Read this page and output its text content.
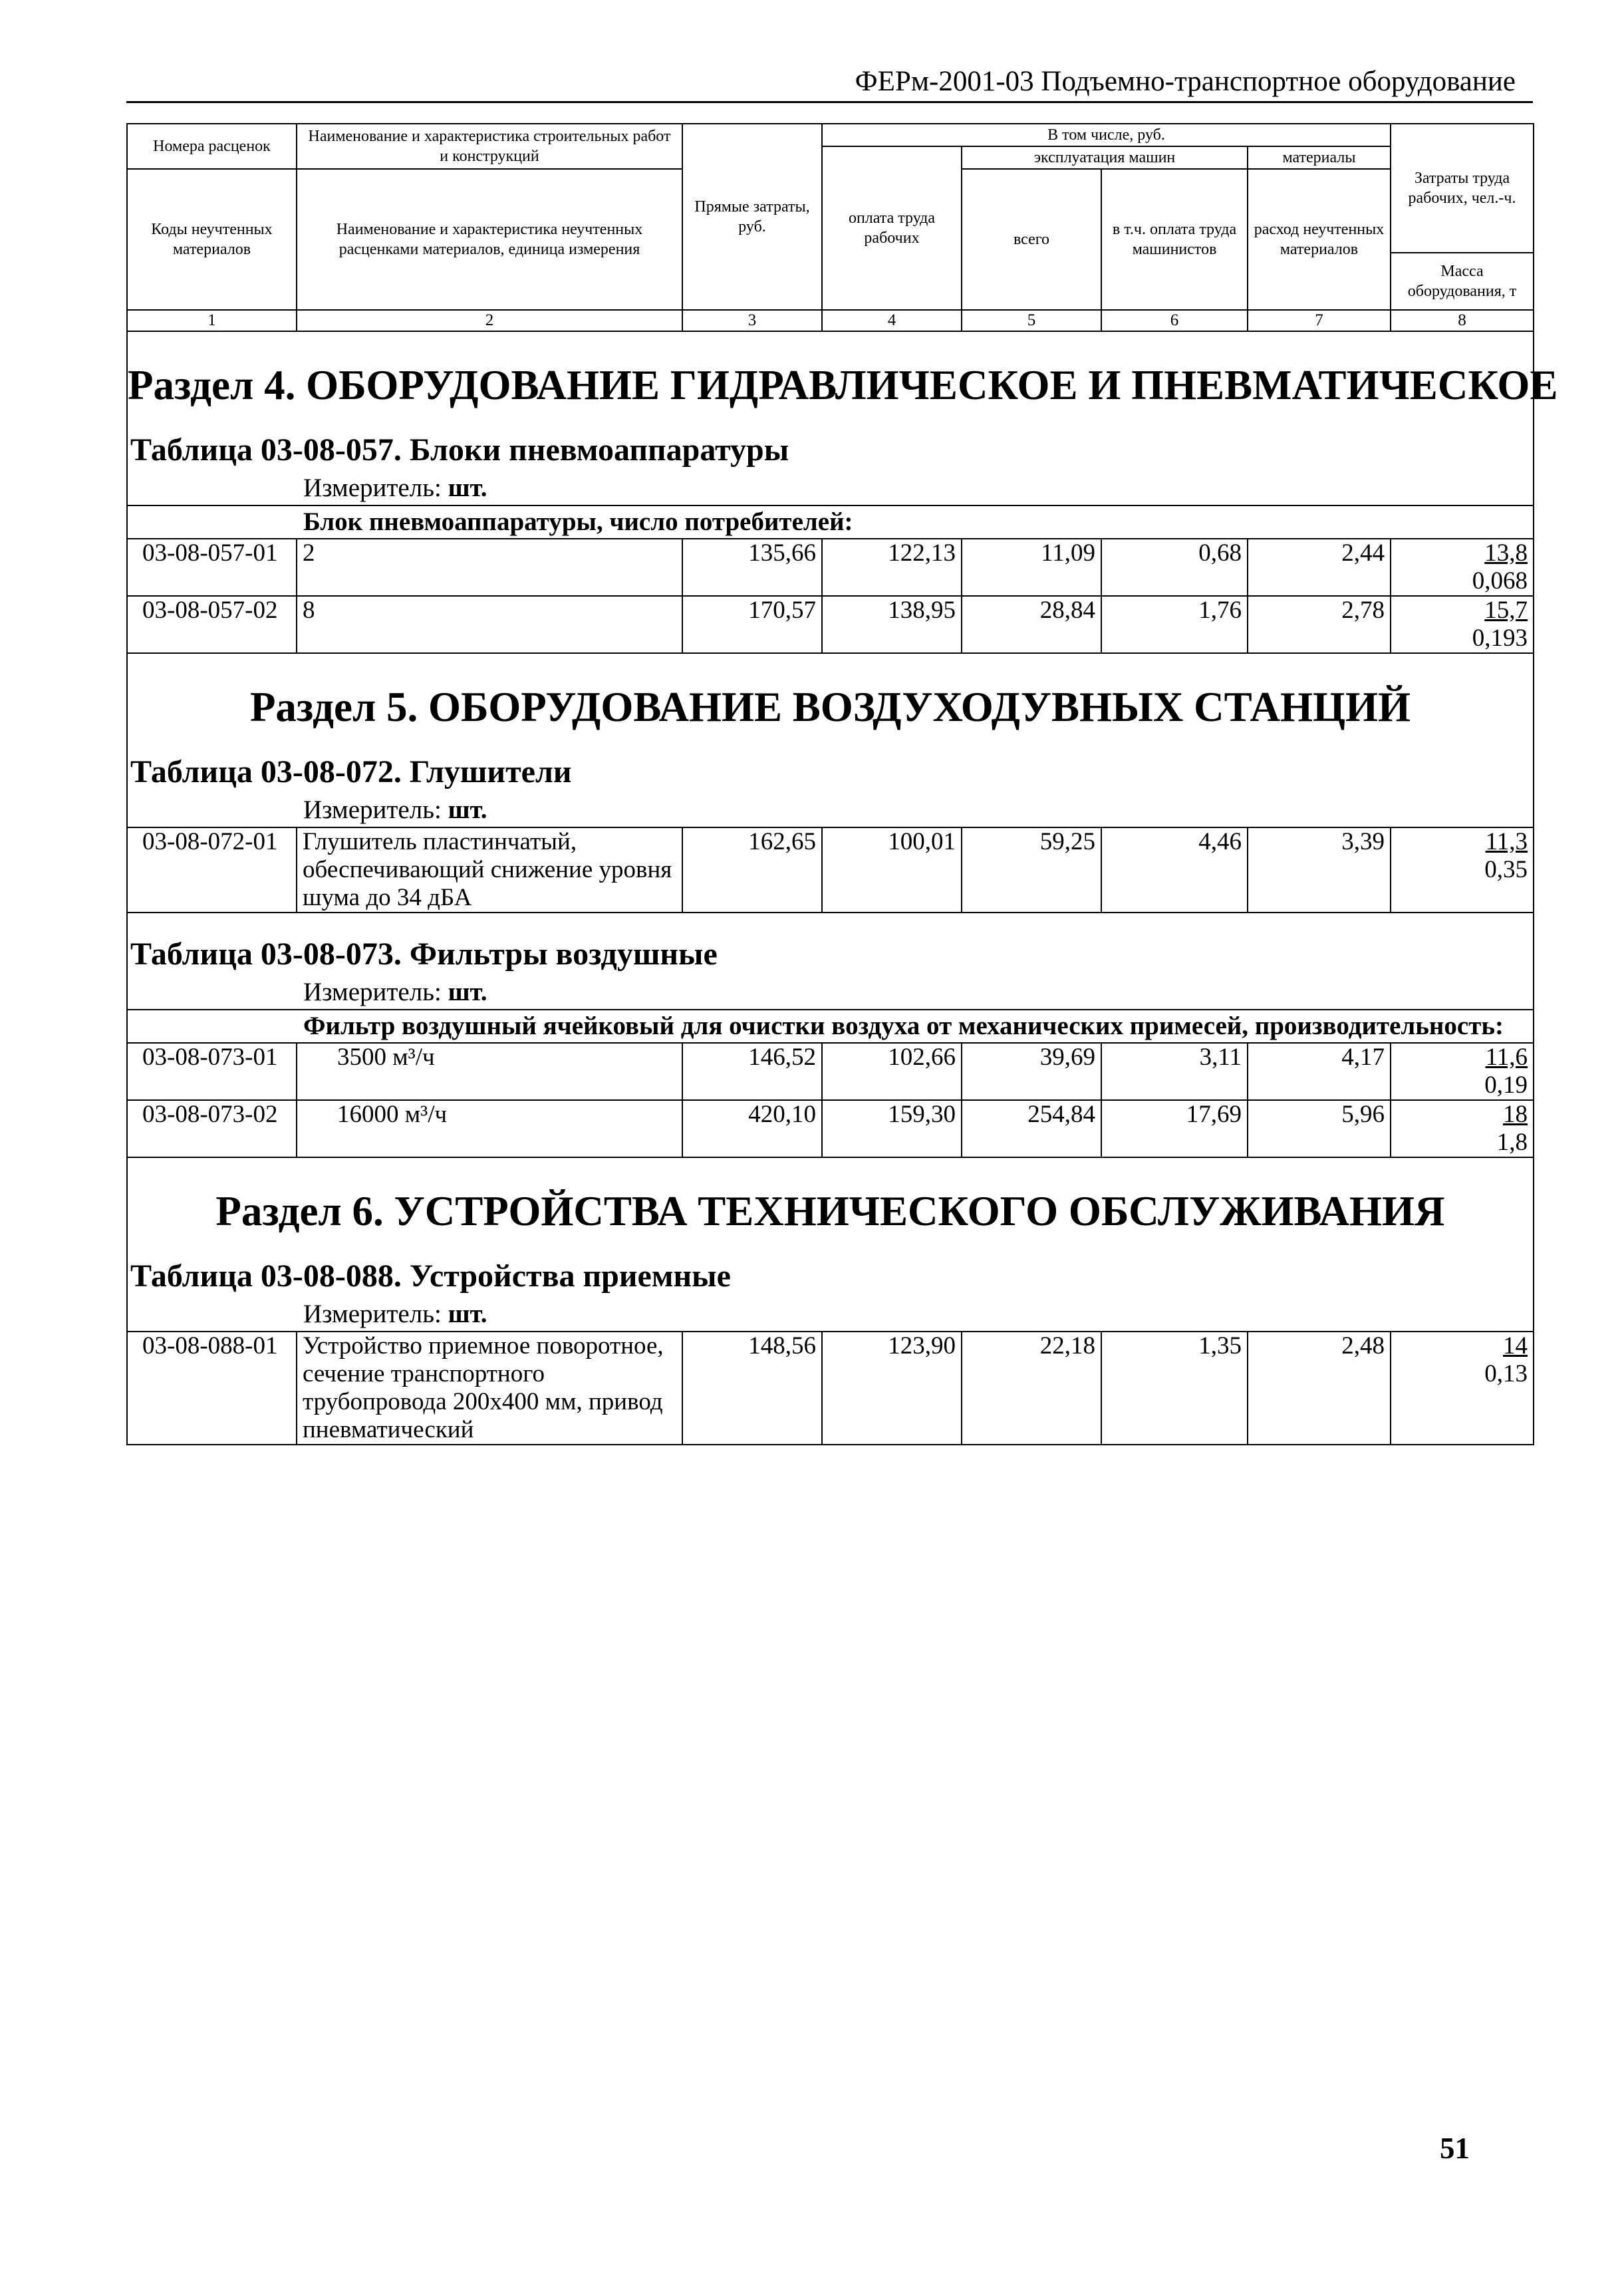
ФЕРм-2001-03 Подъемно-транспортное оборудование
Номера расценок	Наименование и характеристика строительных работ и конструкций	Прямые затраты, руб.	В том числе, руб.				Затраты труда рабочих, чел.-ч.
			оплата труда рабочих	эксплуатация машин		материалы	
Коды неучтенных материалов	Наименование и характеристика неучтенных расценками материалов, единица измерения			всего	в т.ч. оплата труда машинистов	расход неучтенных материалов	
							Масса оборудования, т
1	2	3	4	5	6	7	8

Раздел 4. ОБОРУДОВАНИЕ ГИДРАВЛИЧЕСКОЕ И ПНЕВМАТИЧЕСКОЕ
Таблица 03-08-057. Блоки пневмоаппаратуры
Измеритель: шт.
Блок пневмоаппаратуры, число потребителей:							

03-08-057-01	2	135,66	122,13	11,09	0,68	2,44	13,8
0,068

03-08-057-02	8	170,57	138,95	28,84	1,76	2,78	15,7
0,193

Раздел 5. ОБОРУДОВАНИЕ ВОЗДУХОДУВНЫХ СТАНЦИЙ
Таблица 03-08-072. Глушители
Измеритель: шт.							

03-08-072-01	Глушитель пластинчатый, обеспечивающий снижение уровня шума до 34 дБА	162,65	100,01	59,25	4,46	3,39	11,3
0,35

Таблица 03-08-073. Фильтры воздушные
Измеритель: шт.
Фильтр воздушный ячейковый для очистки воздуха от механических примесей, производительность:							

03-08-073-01	3500 м³/ч	146,52	102,66	39,69	3,11	4,17	11,6
0,19

03-08-073-02	16000 м³/ч	420,10	159,30	254,84	17,69	5,96	18
1,8

Раздел 6. УСТРОЙСТВА ТЕХНИЧЕСКОГО ОБСЛУЖИВАНИЯ
Таблица 03-08-088. Устройства приемные
Измеритель: шт.							

03-08-088-01	Устройство приемное поворотное, сечение транспортного трубопровода 200х400 мм, привод пневматический	148,56	123,90	22,18	1,35	2,48	14
0,13
51
